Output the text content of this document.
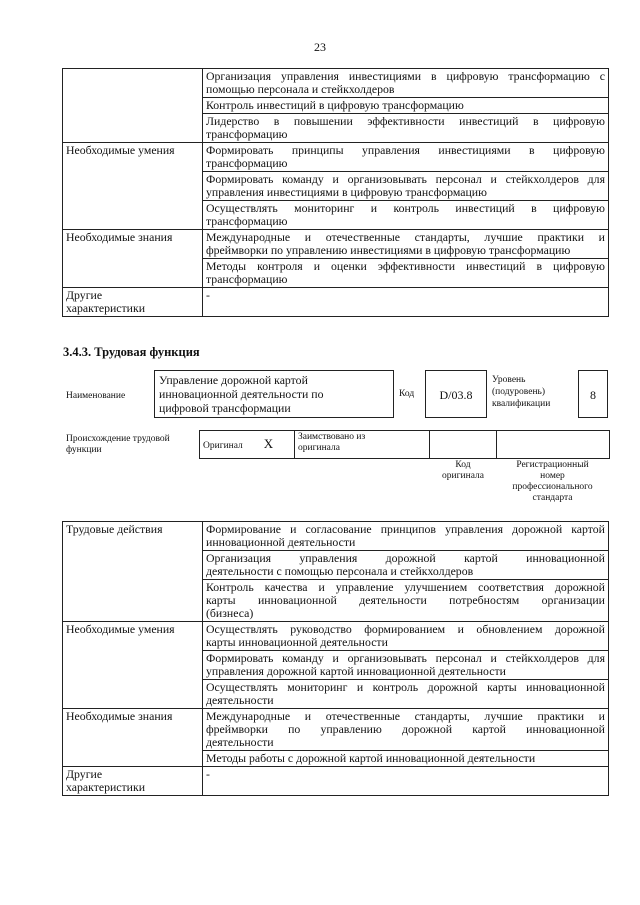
23

	Организация управления инвестициями в цифровую трансформацию с
помощью персонала и стейкхолдеров

	Контроль инвестиций в цифровую трансформацию

	Лидерство в повышении эффективности инвестиций в цифровую
трансформацию

Необходимые умения	Формировать принципы управления инвестициями в цифровую
трансформацию

	Формировать команду и организовывать персонал и стейкхолдеров для
управления инвестициями в цифровую трансформацию

	Осуществлять мониторинг и контроль инвестиций в цифровую
трансформацию

Необходимые знания	Международные и отечественные стандарты, лучшие практики и
фреймворки по управлению инвестициями в цифровую трансформацию

	Методы контроля и оценки эффективности инвестиций в цифровую
трансформацию

Другие
характеристики	-
3.4.3. Трудовая функция
Наименование
Управление дорожной картой
инновационной деятельности по
цифровой трансформации
Код	D/03.8
Уровень
(подуровень)
квалификации
8
Происхождение трудовой
функции	Оригинал X	Заимствовано из
оригинала

Код
оригинала
Регистрационный
номер
профессионального
стандарта
Трудовые действия	Формирование и согласование принципов управления дорожной картой
инновационной деятельности

	Организация управления дорожной картой инновационной
деятельности с помощью персонала и стейкхолдеров

	Контроль качества и управление улучшением соответствия дорожной
карты инновационной деятельности потребностям организации
(бизнеса)

Необходимые умения	Осуществлять руководство формированием и обновлением дорожной
карты инновационной деятельности

	Формировать команду и организовывать персонал и стейкхолдеров для
управления дорожной картой инновационной деятельности

	Осуществлять мониторинг и контроль дорожной карты инновационной
деятельности

Необходимые знания	Международные и отечественные стандарты, лучшие практики и
фреймворки по управлению дорожной картой инновационной
деятельности

	Методы работы с дорожной картой инновационной деятельности

Другие
характеристики	-
